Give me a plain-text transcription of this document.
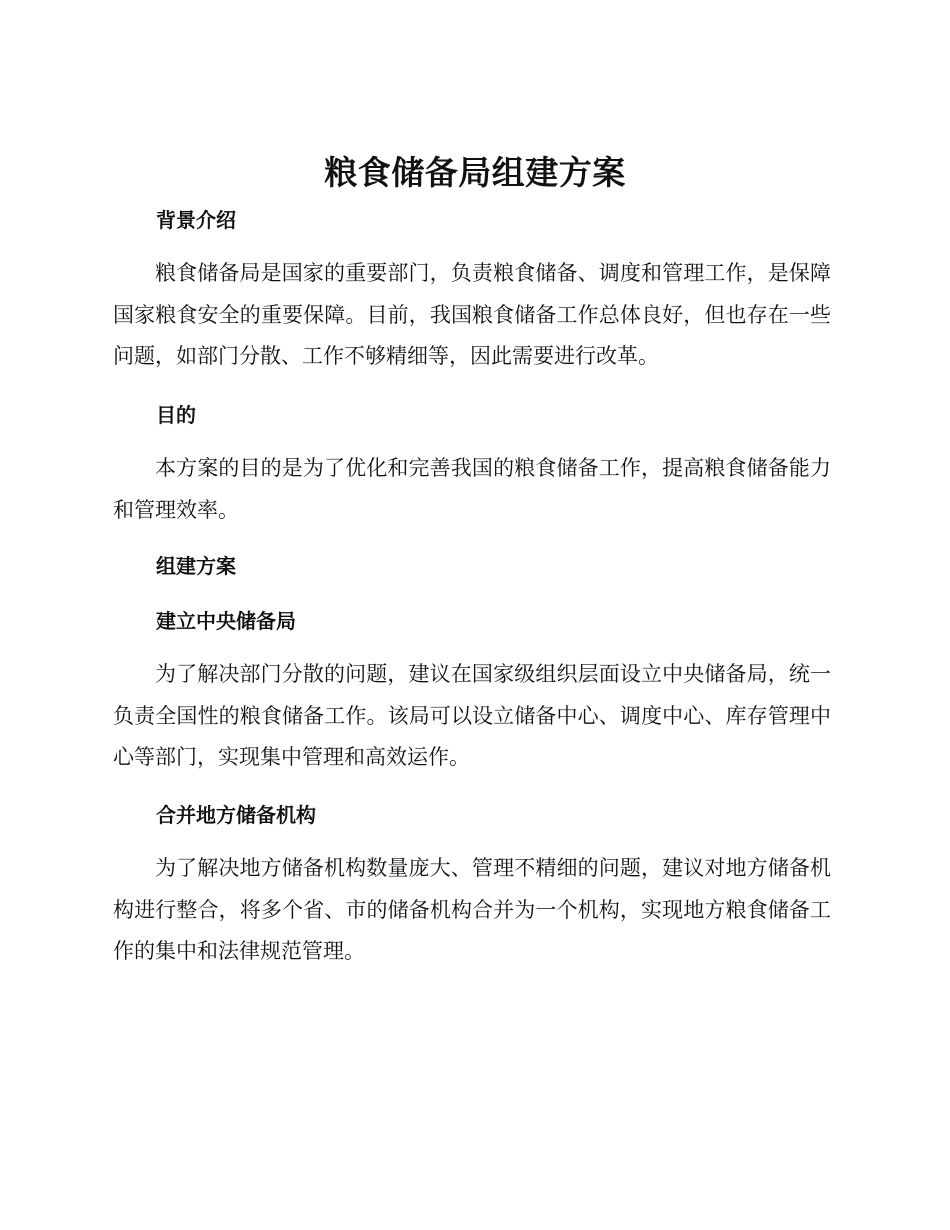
粮食储备局组建方案
背景介绍
粮食储备局是国家的重要部门，负责粮食储备、调度和管理工作，是保障国家粮食安全的重要保障。目前，我国粮食储备工作总体良好，但也存在一些问题，如部门分散、工作不够精细等，因此需要进行改革。
目的
本方案的目的是为了优化和完善我国的粮食储备工作，提高粮食储备能力和管理效率。
组建方案
建立中央储备局
为了解决部门分散的问题，建议在国家级组织层面设立中央储备局，统一负责全国性的粮食储备工作。该局可以设立储备中心、调度中心、库存管理中心等部门，实现集中管理和高效运作。
合并地方储备机构
为了解决地方储备机构数量庞大、管理不精细的问题，建议对地方储备机构进行整合，将多个省、市的储备机构合并为一个机构，实现地方粮食储备工作的集中和法律规范管理。
